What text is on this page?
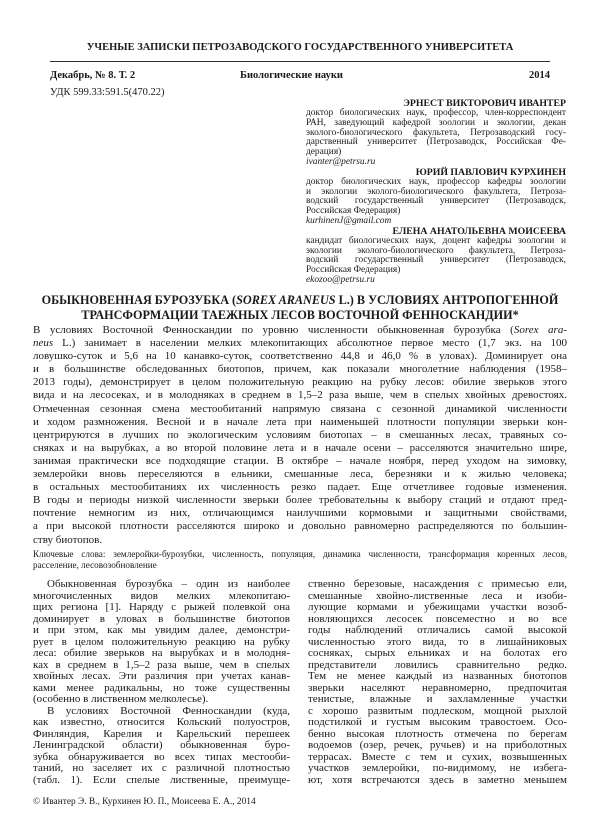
УЧЕНЫЕ ЗАПИСКИ ПЕТРОЗАВОДСКОГО ГОСУДАРСТВЕННОГО УНИВЕРСИТЕТА
Декабрь, № 8. Т. 2	Биологические науки	2014
УДК 599.33:591.5(470.22)
ЭРНЕСТ ВИКТОРОВИЧ ИВАНТЕР
доктор биологических наук, профессор, член-корреспондент
РАН, заведующий кафедрой зоологии и экологии, декан
эколого-биологического факультета, Петрозаводский госу-
дарственный университет (Петрозаводск, Российская Фе-
дерация)
ivanter@petrsu.ru
ЮРИЙ ПАВЛОВИЧ КУРХИНЕН
доктор биологических наук, профессор кафедры зоологии
и экологии эколого-биологического факультета, Петроза-
водский государственный университет (Петрозаводск,
Российская Федерация)
kurhinenJ@gmail.com
ЕЛЕНА АНАТОЛЬЕВНА МОИСЕЕВА
кандидат биологических наук, доцент кафедры зоологии и
экологии эколого-биологического факультета, Петроза-
водский государственный университет (Петрозаводск,
Российская Федерация)
ekozoo@petrsu.ru
ОБЫКНОВЕННАЯ БУРОЗУБКА (SOREX ARANEUS L.) В УСЛОВИЯХ АНТРОПОГЕННОЙ
ТРАНСФОРМАЦИИ ТАЕЖНЫХ ЛЕСОВ ВОСТОЧНОЙ ФЕННОСКАНДИИ*
В условиях Восточной Фенноскандии по уровню численности обыкновенная бурозубка (Sorex ara-
neus L.) занимает в населении мелких млекопитающих абсолютное первое место (1,7 экз. на 100
ловушко-суток и 5,6 на 10 канавко-суток, соответственно 44,8 и 46,0 % в уловах). Доминирует она
и в большинстве обследованных биотопов, причем, как показали многолетние наблюдения (1958–
2013 годы), демонстрирует в целом положительную реакцию на рубку лесов: обилие зверьков этого
вида и на лесосеках, и в молодняках в среднем в 1,5–2 раза выше, чем в спелых хвойных древостоях.
Отмеченная сезонная смена местообитаний напрямую связана с сезонной динамикой численности
и ходом размножения. Весной и в начале лета при наименьшей плотности популяции зверьки кон-
центрируются в лучших по экологическим условиям биотопах – в смешанных лесах, травяных со-
сняках и на вырубках, а во второй половине лета и в начале осени – расселяются значительно шире,
занимая практически все подходящие стации. В октябре – начале ноября, перед уходом на зимовку,
землеройки вновь переселяются в ельники, смешанные леса, березняки и к жилью человека;
в остальных местообитаниях их численность резко падает. Еще отчетливее годовые изменения.
В годы и периоды низкой численности зверьки более требовательны к выбору стаций и отдают пред-
почтение немногим из них, отличающимся наилучшими кормовыми и защитными свойствами,
а при высокой плотности расселяются широко и довольно равномерно распределяются по большин-
ству биотопов.
Ключевые слова: землеройки-бурозубки, численность, популяция, динамика численности, трансформация коренных лесов,
расселение, лесовозобновление
Обыкновенная бурозубка – один из наиболее
многочисленных видов мелких млекопитаю-
щих региона [1]. Наряду с рыжей полевкой она
доминирует в уловах в большинстве биотопов
и при этом, как мы увидим далее, демонстри-
рует в целом положительную реакцию на рубку
леса: обилие зверьков на вырубках и в молодня-
ках в среднем в 1,5–2 раза выше, чем в спелых
хвойных лесах. Эти различия при учетах канав-
ками менее радикальны, но тоже существенны
(особенно в лиственном мелколесье).
В условиях Восточной Фенноскандии (куда,
как известно, относится Кольский полуостров,
Финляндия, Карелия и Карельский перешеек
Ленинградской области) обыкновенная буро-
зубка обнаруживается во всех типах местооби-
таний, но заселяет их с различной плотностью
(табл. 1). Если спелые лиственные, преимуще-
ственно березовые, насаждения с примесью ели,
смешанные хвойно-лиственные леса и изоби-
лующие кормами и убежищами участки возоб-
новляющихся лесосек повсеместно и во все
годы наблюдений отличались самой высокой
численностью этого вида, то в лишайниковых
сосняках, сырых ельниках и на болотах его
представители ловились сравнительно редко.
Тем не менее каждый из названных биотопов
зверьки населяют неравномерно, предпочитая
тенистые, влажные и захламленные участки
с хорошо развитым подлеском, мощной рыхлой
подстилкой и густым высоким травостоем. Осо-
бенно высокая плотность отмечена по берегам
водоемов (озер, речек, ручьев) и на приболотных
террасах. Вместе с тем и сухих, возвышенных
участков землеройки, по-видимому, не избега-
ют, хотя встречаются здесь в заметно меньшем
© Ивантер Э. В., Курхинен Ю. П., Моисеева Е. А., 2014
